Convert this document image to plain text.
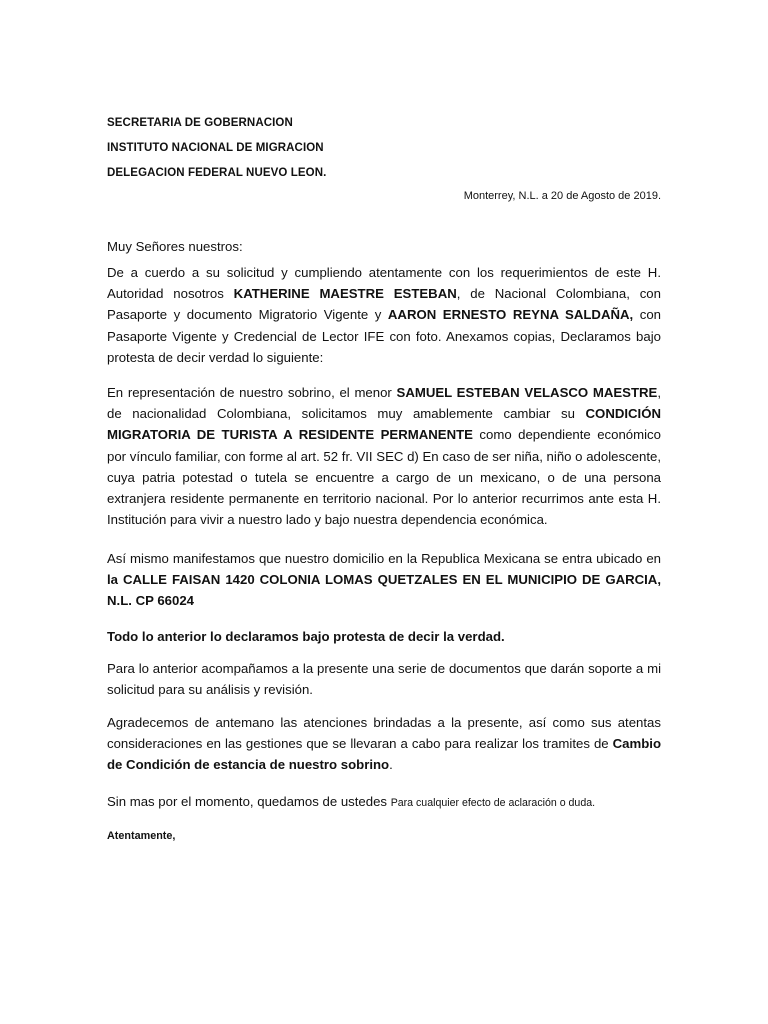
SECRETARIA DE GOBERNACION
INSTITUTO NACIONAL DE MIGRACION
DELEGACION FEDERAL NUEVO LEON.
Monterrey, N.L. a 20 de Agosto de 2019.
Muy Señores nuestros:
De a cuerdo a su solicitud y cumpliendo atentamente con los requerimientos de este H. Autoridad nosotros KATHERINE MAESTRE ESTEBAN, de Nacional Colombiana, con Pasaporte y documento Migratorio Vigente y AARON ERNESTO REYNA SALDAÑA, con Pasaporte Vigente y Credencial de Lector IFE con foto. Anexamos copias, Declaramos bajo protesta de decir verdad lo siguiente:
En representación de nuestro sobrino, el menor SAMUEL ESTEBAN VELASCO MAESTRE, de nacionalidad Colombiana, solicitamos muy amablemente cambiar su CONDICIÓN MIGRATORIA DE TURISTA A RESIDENTE PERMANENTE como dependiente económico por vínculo familiar, con forme al art. 52 fr. VII SEC d) En caso de ser niña, niño o adolescente, cuya patria potestad o tutela se encuentre a cargo de un mexicano, o de una persona extranjera residente permanente en territorio nacional. Por lo anterior recurrimos ante esta H. Institución para vivir a nuestro lado y bajo nuestra dependencia económica.
Así mismo manifestamos que nuestro domicilio en la Republica Mexicana se entra ubicado en la CALLE FAISAN 1420 COLONIA LOMAS QUETZALES EN EL MUNICIPIO DE GARCIA, N.L. CP 66024
Todo lo anterior lo declaramos bajo protesta de decir la verdad.
Para lo anterior acompañamos a la presente una serie de documentos que darán soporte a mi solicitud para su análisis y revisión.
Agradecemos de antemano las atenciones brindadas a la presente, así como sus atentas consideraciones en las gestiones que se llevaran a cabo para realizar los tramites de Cambio de Condición de estancia de nuestro sobrino.
Sin mas por el momento, quedamos de ustedes Para cualquier efecto de aclaración o duda.
Atentamente,
